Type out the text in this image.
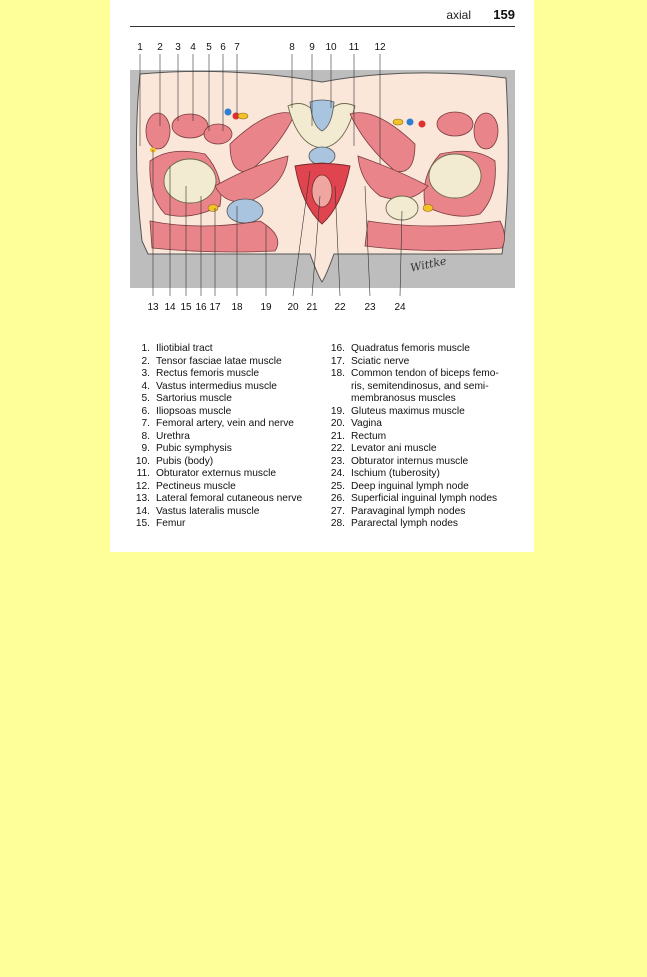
axial 159
1	2	3 4	5 6 7	8	9	10 11 12
13 14 15 16 17 18 19 20 21 22 23 24
Wittke
1. Iliotibial tract
2. Tensor fasciae latae muscle
3. Rectus femoris muscle
4. Vastus intermedius muscle
5. Sartorius muscle
6. Iliopsoas muscle
7. Femoral artery, vein and nerve
8. Urethra
9. Pubic symphysis
10. Pubis (body)
11. Obturator externus muscle
12. Pectineus muscle
13. Lateral femoral cutaneous nerve
14. Vastus lateralis muscle
15. Femur
16. Quadratus femoris muscle
17. Sciatic nerve
18. Common tendon of biceps femo-
ris, semitendinosus, and semi-
membranosus muscles
19. Gluteus maximus muscle
20. Vagina
21. Rectum
22. Levator ani muscle
23. Obturator internus muscle
24. Ischium (tuberosity)
25. Deep inguinal lymph node
26. Superficial inguinal lymph nodes
27. Paravaginal lymph nodes
28. Pararectal lymph nodes
